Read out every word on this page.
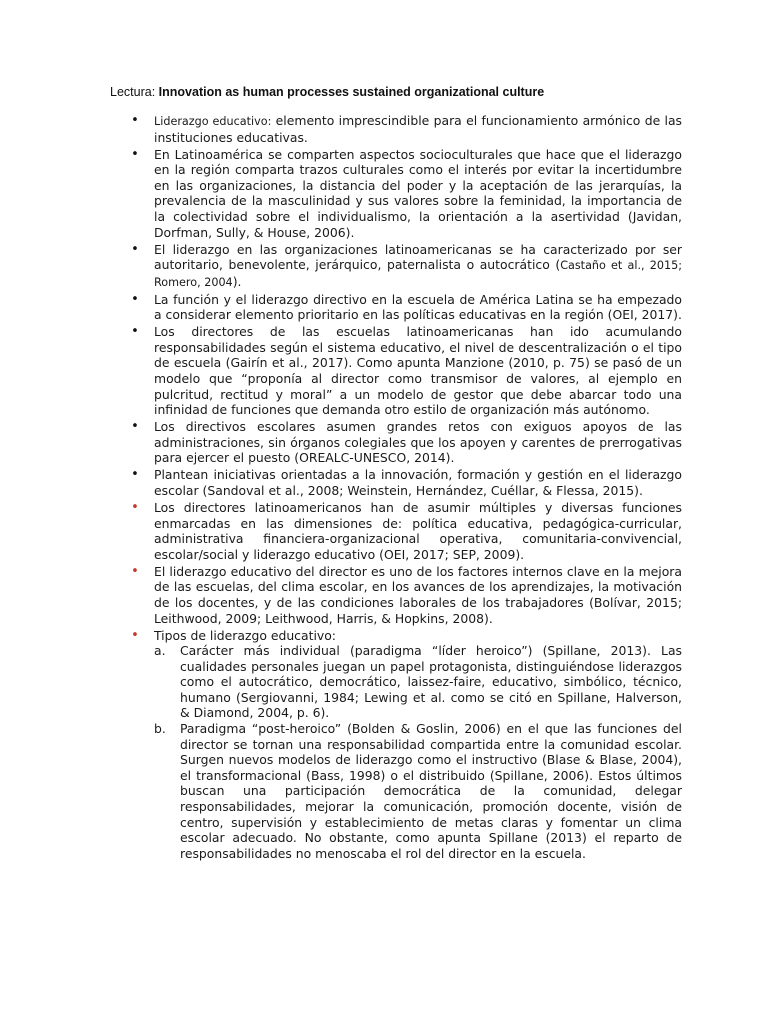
Lectura: Innovation as human processes sustained organizational culture
• Liderazgo educativo: elemento imprescindible para el funcionamiento armónico de las instituciones educativas.
• En Latinoamérica se comparten aspectos socioculturales que hace que el liderazgo en la región comparta trazos culturales como el interés por evitar la incertidumbre en las organizaciones, la distancia del poder y la aceptación de las jerarquías, la prevalencia de la masculinidad y sus valores sobre la feminidad, la importancia de la colectividad sobre el individualismo, la orientación a la asertividad (Javidan, Dorfman, Sully, & House, 2006).
• El liderazgo en las organizaciones latinoamericanas se ha caracterizado por ser autoritario, benevolente, jerárquico, paternalista o autocrático (Castaño et al., 2015; Romero, 2004).
• La función y el liderazgo directivo en la escuela de América Latina se ha empezado a considerar elemento prioritario en las políticas educativas en la región (OEI, 2017).
• Los directores de las escuelas latinoamericanas han ido acumulando responsabilidades según el sistema educativo, el nivel de descentralización o el tipo de escuela (Gairín et al., 2017). Como apunta Manzione (2010, p. 75) se pasó de un modelo que “proponía al director como transmisor de valores, al ejemplo en pulcritud, rectitud y moral” a un modelo de gestor que debe abarcar todo una infinidad de funciones que demanda otro estilo de organización más autónomo.
• Los directivos escolares asumen grandes retos con exiguos apoyos de las administraciones, sin órganos colegiales que los apoyen y carentes de prerrogativas para ejercer el puesto (OREALC-UNESCO, 2014).
• Plantean iniciativas orientadas a la innovación, formación y gestión en el liderazgo escolar (Sandoval et al., 2008; Weinstein, Hernández, Cuéllar, & Flessa, 2015).
• Los directores latinoamericanos han de asumir múltiples y diversas funciones enmarcadas en las dimensiones de: política educativa, pedagógica-curricular, administrativa financiera-organizacional operativa, comunitaria-convivencial, escolar/social y liderazgo educativo (OEI, 2017; SEP, 2009).
• El liderazgo educativo del director es uno de los factores internos clave en la mejora de las escuelas, del clima escolar, en los avances de los aprendizajes, la motivación de los docentes, y de las condiciones laborales de los trabajadores (Bolívar, 2015; Leithwood, 2009; Leithwood, Harris, & Hopkins, 2008).
• Tipos de liderazgo educativo:
a. Carácter más individual (paradigma “líder heroico”) (Spillane, 2013). Las cualidades personales juegan un papel protagonista, distinguiéndose liderazgos como el autocrático, democrático, laissez-faire, educativo, simbólico, técnico, humano (Sergiovanni, 1984; Lewing et al. como se citó en Spillane, Halverson, & Diamond, 2004, p. 6).
b. Paradigma “post-heroico” (Bolden & Goslin, 2006) en el que las funciones del director se tornan una responsabilidad compartida entre la comunidad escolar. Surgen nuevos modelos de liderazgo como el instructivo (Blase & Blase, 2004), el transformacional (Bass, 1998) o el distribuido (Spillane, 2006). Estos últimos buscan una participación democrática de la comunidad, delegar responsabilidades, mejorar la comunicación, promoción docente, visión de centro, supervisión y establecimiento de metas claras y fomentar un clima escolar adecuado. No obstante, como apunta Spillane (2013) el reparto de responsabilidades no menoscaba el rol del director en la escuela.
